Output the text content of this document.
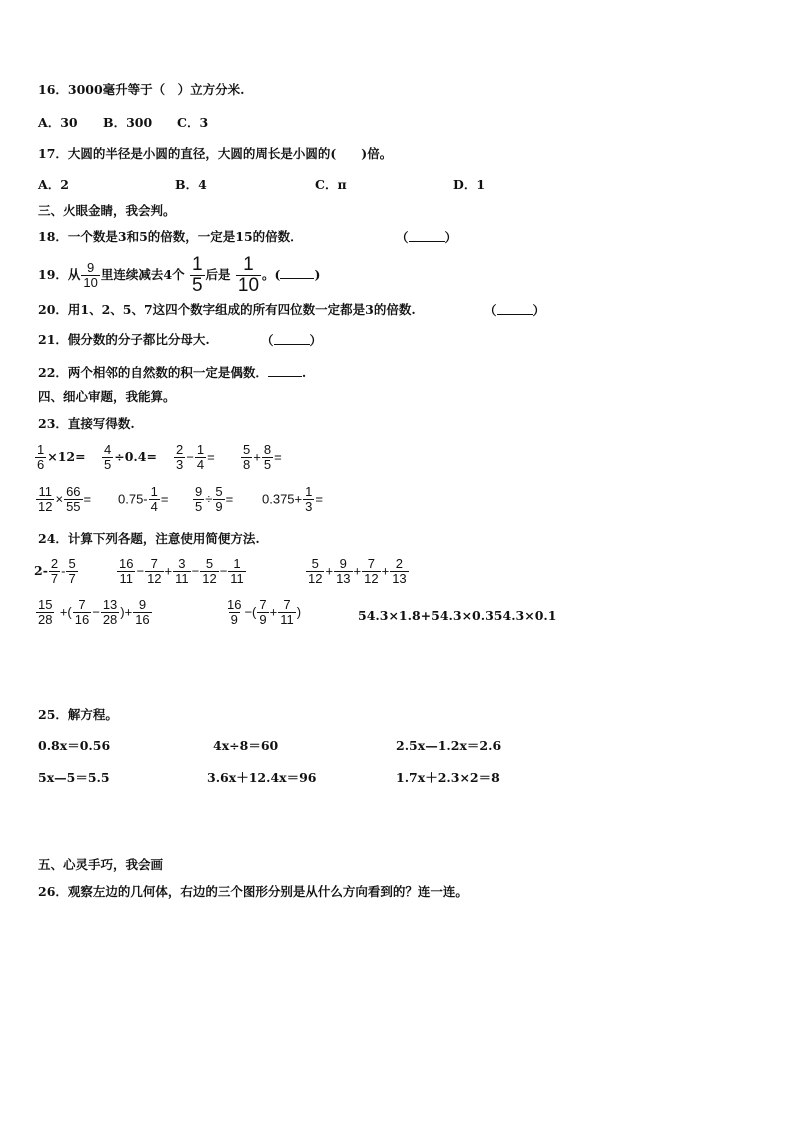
16．3000毫升等于（　）立方分米.
A．30 B．300 C．3
17．大圆的半径是小圆的直径，大圆的周长是小圆的(　　)倍。
A．2	B．4	C．π	D．1
三、火眼金睛，我会判。
18．一个数是3和5的倍数，一定是15的倍数．	（	）
19．从 $\frac{9}{10}$ 里连续减去4个 $\frac{1}{5}$ 后是 $\frac{1}{10}$ 。(	)
20．用1、2、5、7这四个数字组成的所有四位数一定都是3的倍数.	（	）
21．假分数的分子都比分母大.	（	）
22．两个相邻的自然数的积一定是偶数．	.
四、细心审题，我能算。
23．直接写得数.
$\frac{1}{6} \times 12= \frac{4}{5} \div 0.4= \frac{2}{3} - \frac{1}{4} = \frac{5}{8} + \frac{8}{5}$ =
$\frac{11}{12} \times \frac{66}{55} = 0.75- \frac{1}{4} = \frac{9}{5} \div \frac{5}{9} = 0.375+ \frac{1}{3}$ =
24．计算下列各题，注意使用简便方法.
$2- \frac{2}{7} - \frac{5}{7}$	$\frac{16}{11} - \frac{7}{12} + \frac{3}{11} - \frac{5}{12} - \frac{1}{11}$	$\frac{5}{12} + \frac{9}{13} + \frac{7}{12} + \frac{2}{13}$
$\frac{15}{28}$ +( $\frac{7}{16} - \frac{13}{28}$ )+ $\frac{9}{16}$	$\frac{16}{9}$ −( $\frac{7}{9} + \frac{7}{11}$ )	54.3×1.8+54.3×0.354.3×0.1
25．解方程。
0.8x＝0.56	4x÷8＝60	2.5x—1.2x＝2.6
5x—5＝5.5	3.6x＋12.4x＝96	1.7x＋2.3×2＝8
五、心灵手巧，我会画
26．观察左边的几何体，右边的三个图形分别是从什么方向看到的？连一连。
